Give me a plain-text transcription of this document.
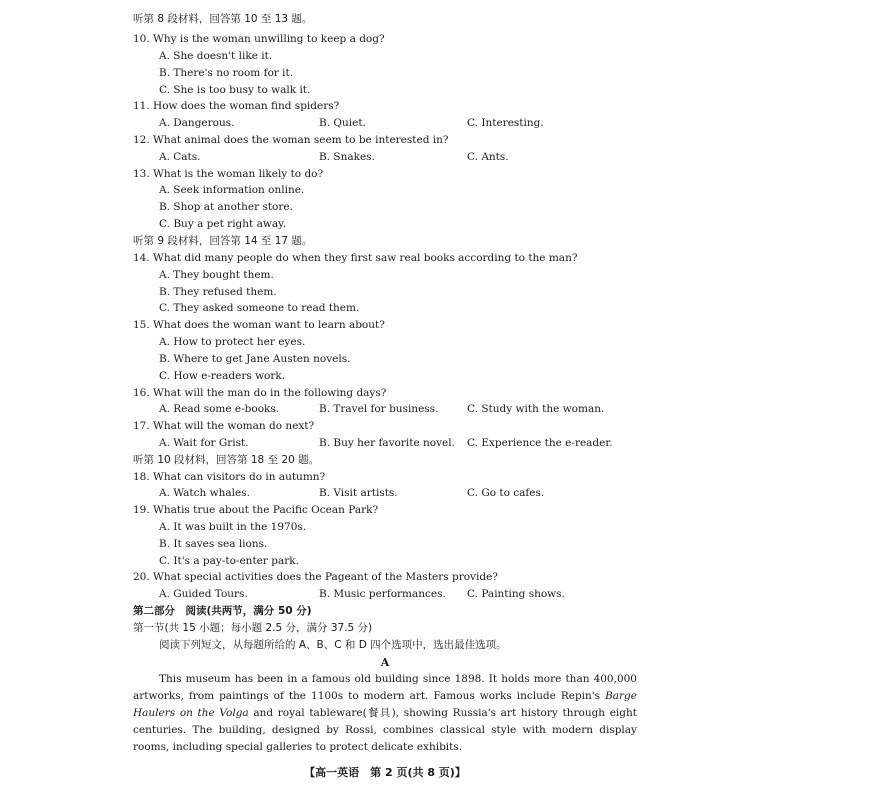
听第 8 段材料，回答第 10 至 13 题。
10. Why is the woman unwilling to keep a dog?
A. She doesn't like it.
B. There's no room for it.
C. She is too busy to walk it.
11. How does the woman find spiders?
A. Dangerous.	B. Quiet.	C. Interesting.
12. What animal does the woman seem to be interested in?
A. Cats.	B. Snakes.	C. Ants.
13. What is the woman likely to do?
A. Seek information online.
B. Shop at another store.
C. Buy a pet right away.
听第 9 段材料，回答第 14 至 17 题。
14. What did many people do when they first saw real books according to the man?
A. They bought them.
B. They refused them.
C. They asked someone to read them.
15. What does the woman want to learn about?
A. How to protect her eyes.
B. Where to get Jane Austen novels.
C. How e-readers work.
16. What will the man do in the following days?
A. Read some e-books.	B. Travel for business.	C. Study with the woman.
17. What will the woman do next?
A. Wait for Grist.	B. Buy her favorite novel. C. Experience the e-reader.
听第 10 段材料，回答第 18 至 20 题。
18. What can visitors do in autumn?
A. Watch whales.	B. Visit artists.	C. Go to cafes.
19. Whatis true about the Pacific Ocean Park?
A. It was built in the 1970s.
B. It saves sea lions.
C. It's a pay-to-enter park.
20. What special activities does the Pageant of the Masters provide?
A. Guided Tours.	B. Music performances. C. Painting shows.
第二部分　阅读(共两节，满分 50 分)
第一节(共 15 小题；每小题 2.5 分，满分 37.5 分)
阅读下列短文，从每题所给的 A、B、C 和 D 四个选项中，选出最佳选项。
A
This museum has been in a famous old building since 1898. It holds more than 400,000 artworks, from paintings of the 1100s to modern art. Famous works include Repin's Barge Haulers on the Volga and royal tableware(餐具), showing Russia's art history through eight centuries. The building, designed by Rossi, combines classical style with modern display rooms, including special galleries to protect delicate exhibits.
【高一英语　第 2 页(共 8 页)】
